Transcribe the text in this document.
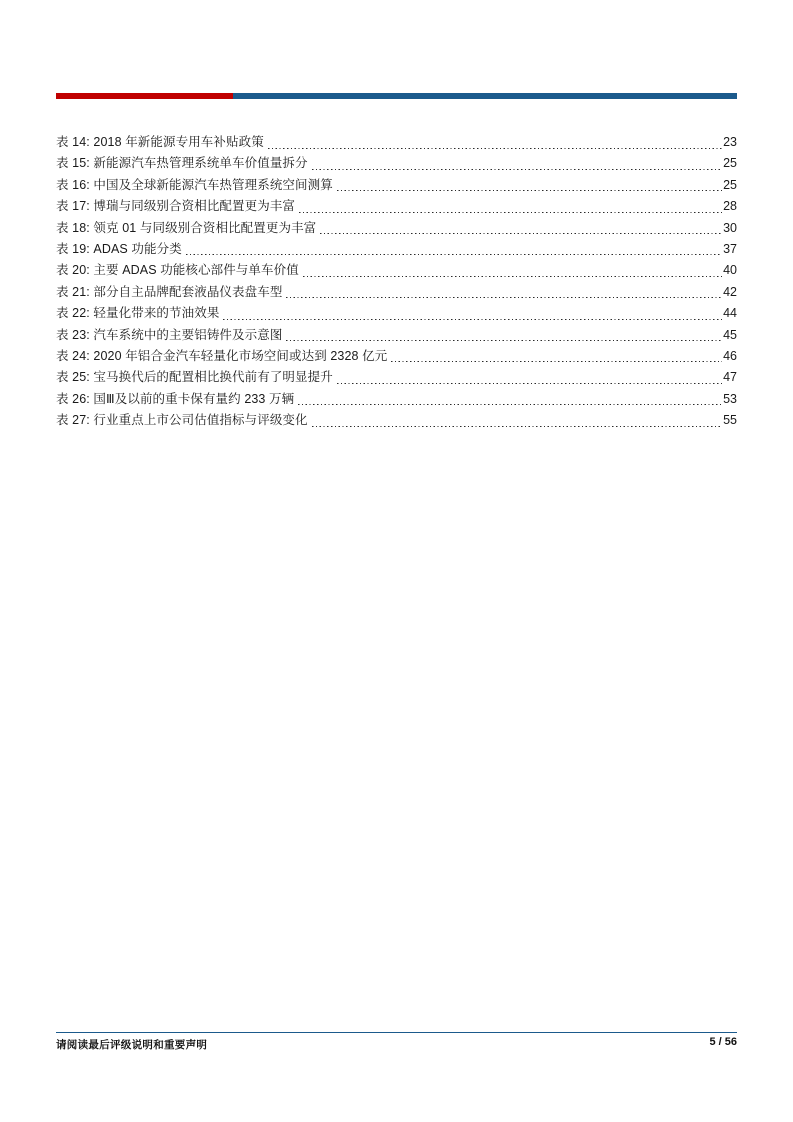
表 14: 2018 年新能源专用车补贴政策	23
表 15: 新能源汽车热管理系统单车价值量拆分	25
表 16: 中国及全球新能源汽车热管理系统空间测算	25
表 17: 博瑞与同级别合资相比配置更为丰富	28
表 18: 领克 01 与同级别合资相比配置更为丰富	30
表 19: ADAS 功能分类	37
表 20: 主要 ADAS 功能核心部件与单车价值	40
表 21: 部分自主品牌配套液晶仪表盘车型	42
表 22: 轻量化带来的节油效果	44
表 23: 汽车系统中的主要铝铸件及示意图	45
表 24: 2020 年铝合金汽车轻量化市场空间或达到 2328 亿元	46
表 25: 宝马换代后的配置相比换代前有了明显提升	47
表 26: 国Ⅲ及以前的重卡保有量约 233 万辆	53
表 27: 行业重点上市公司估值指标与评级变化	55
请阅读最后评级说明和重要声明	5 / 56
